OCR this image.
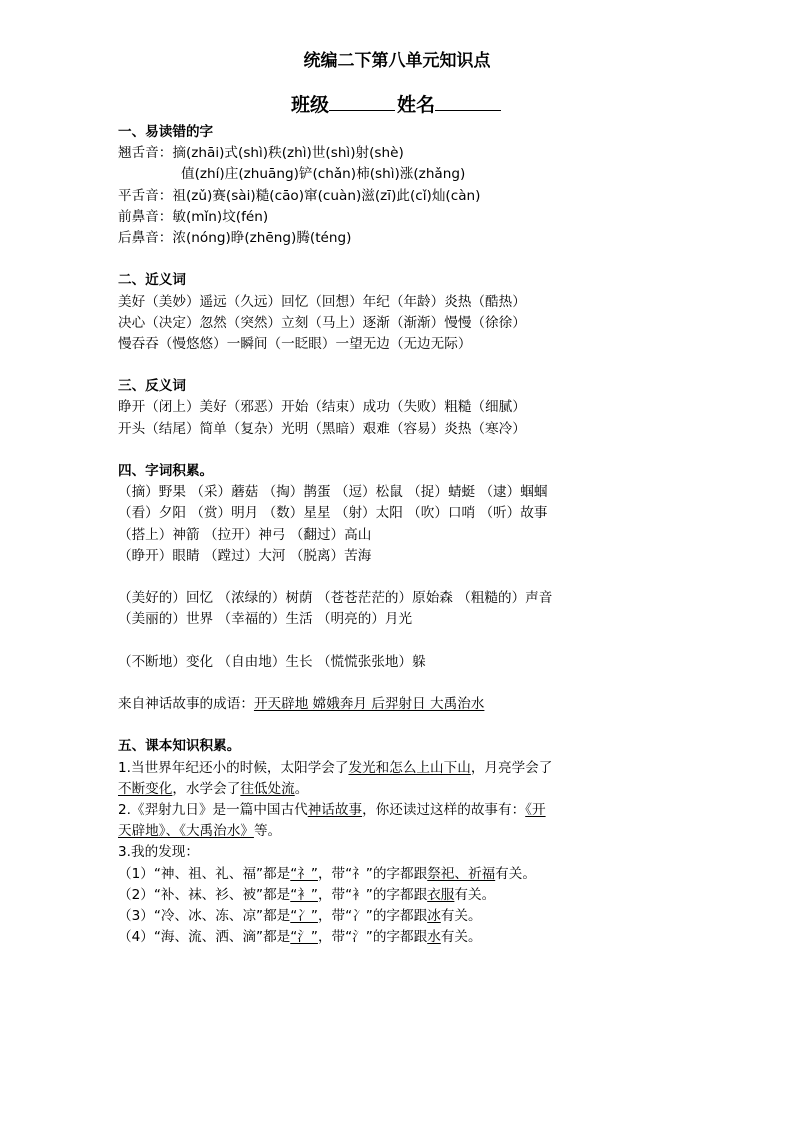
统编二下第八单元知识点
班级	姓名
一、易读错的字
翘舌音：摘(zhāi)式(shì)秩(zhì)世(shì)射(shè)
值(zhí)庄(zhuāng)铲(chǎn)柿(shì)涨(zhǎng)
平舌音：祖(zǔ)赛(sài)糙(cāo)窜(cuàn)滋(zī)此(cǐ)灿(càn)
前鼻音：敏(mǐn)坟(fén)
后鼻音：浓(nóng)睁(zhēng)腾(téng)
二、近义词
美好（美妙）遥远（久远）回忆（回想）年纪（年龄）炎热（酷热）
决心（决定）忽然（突然）立刻（马上）逐渐（渐渐）慢慢（徐徐）
慢吞吞（慢悠悠）一瞬间（一眨眼）一望无边（无边无际）
三、反义词
睁开（闭上）美好（邪恶）开始（结束）成功（失败）粗糙（细腻）
开头（结尾）简单（复杂）光明（黑暗）艰难（容易）炎热（寒冷）
四、字词积累。
（摘）野果 （采）蘑菇 （掏）鹊蛋 （逗）松鼠 （捉）蜻蜓 （逮）蝈蝈
（看）夕阳 （赏）明月 （数）星星 （射）太阳 （吹）口哨 （听）故事
（搭上）神箭 （拉开）神弓 （翻过）高山
（睁开）眼睛 （蹚过）大河 （脱离）苦海
（美好的）回忆 （浓绿的）树荫 （苍苍茫茫的）原始森 （粗糙的）声音
（美丽的）世界 （幸福的）生活 （明亮的）月光
（不断地）变化 （自由地）生长 （慌慌张张地）躲
来自神话故事的成语：开天辟地 嫦娥奔月 后羿射日 大禹治水
五、课本知识积累。
1.当世界年纪还小的时候，太阳学会了发光和怎么上山下山，月亮学会了
不断变化，水学会了往低处流。
2.《羿射九日》是一篇中国古代神话故事，你还读过这样的故事有：《开
天辟地》、《大禹治水》等。
3.我的发现：
（1）“神、祖、礼、福”都是“礻”，带“礻”的字都跟祭祀、祈福有关。
（2）“补、袜、衫、被”都是“衤”，带“衤”的字都跟衣服有关。
（3）“冷、冰、冻、凉”都是“冫”，带“冫”的字都跟冰有关。
（4）“海、流、洒、滴”都是“氵”，带“氵”的字都跟水有关。
